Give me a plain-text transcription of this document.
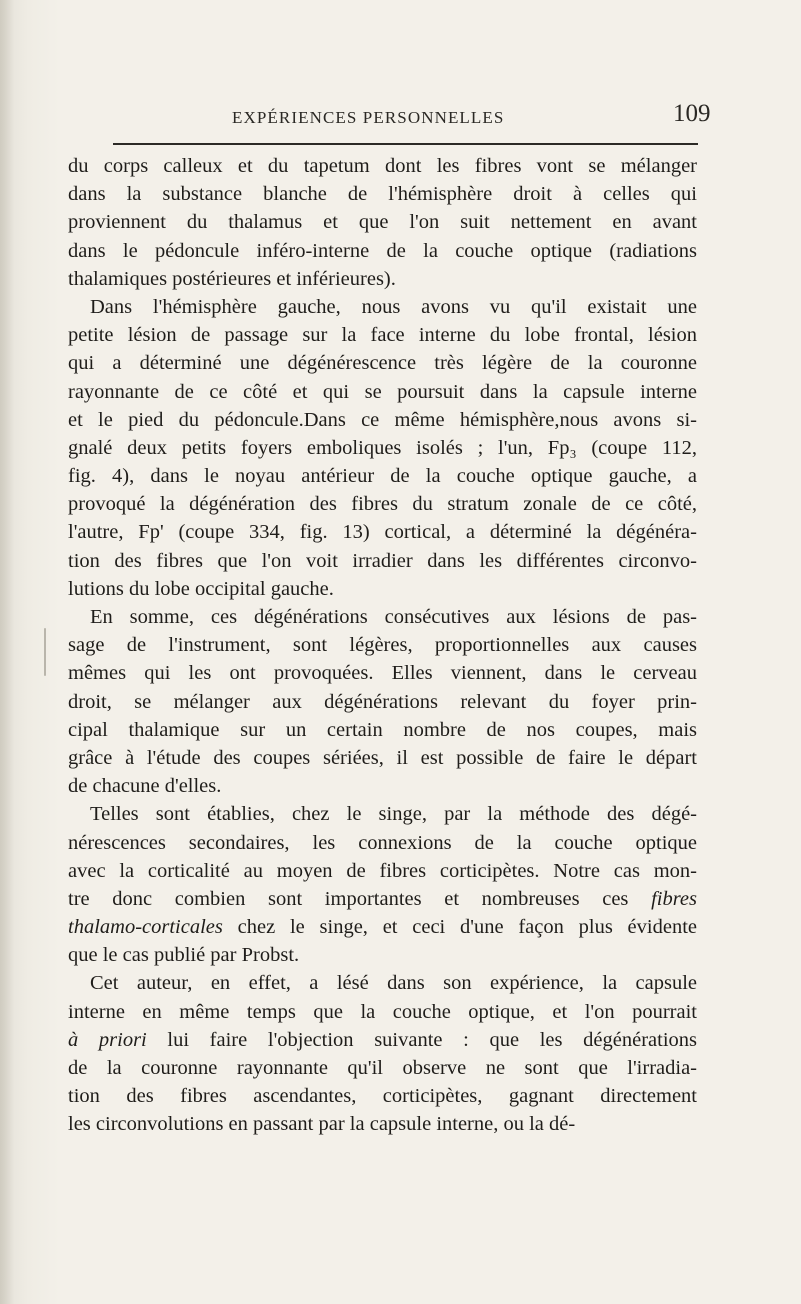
EXPÉRIENCES PERSONNELLES	109
du corps calleux et du tapetum dont les fibres vont se mélanger
dans la substance blanche de l'hémisphère droit à celles qui
proviennent du thalamus et que l'on suit nettement en avant
dans le pédoncule inféro-interne de la couche optique (radiations
thalamiques postérieures et inférieures).
Dans l'hémisphère gauche, nous avons vu qu'il existait une
petite lésion de passage sur la face interne du lobe frontal, lésion
qui a déterminé une dégénérescence très légère de la couronne
rayonnante de ce côté et qui se poursuit dans la capsule interne
et le pied du pédoncule.Dans ce même hémisphère,nous avons si-
gnalé deux petits foyers emboliques isolés ; l'un, Fp₃ (coupe 112,
fig. 4), dans le noyau antérieur de la couche optique gauche, a
provoqué la dégénération des fibres du stratum zonale de ce côté,
l'autre, Fp' (coupe 334, fig. 13) cortical, a déterminé la dégénéra-
tion des fibres que l'on voit irradier dans les différentes circonvo-
lutions du lobe occipital gauche.
En somme, ces dégénérations consécutives aux lésions de pas-
sage de l'instrument, sont légères, proportionnelles aux causes
mêmes qui les ont provoquées. Elles viennent, dans le cerveau
droit, se mélanger aux dégénérations relevant du foyer prin-
cipal thalamique sur un certain nombre de nos coupes, mais
grâce à l'étude des coupes sériées, il est possible de faire le départ
de chacune d'elles.
Telles sont établies, chez le singe, par la méthode des dégé-
nérescences secondaires, les connexions de la couche optique
avec la corticalité au moyen de fibres corticipètes. Notre cas mon-
tre donc combien sont importantes et nombreuses ces fibres
thalamo-corticales chez le singe, et ceci d'une façon plus évidente
que le cas publié par Probst.
Cet auteur, en effet, a lésé dans son expérience, la capsule
interne en même temps que la couche optique, et l'on pourrait
à priori lui faire l'objection suivante : que les dégénérations
de la couronne rayonnante qu'il observe ne sont que l'irradia-
tion des fibres ascendantes, corticipètes, gagnant directement
les circonvolutions en passant par la capsule interne, ou la dé-
